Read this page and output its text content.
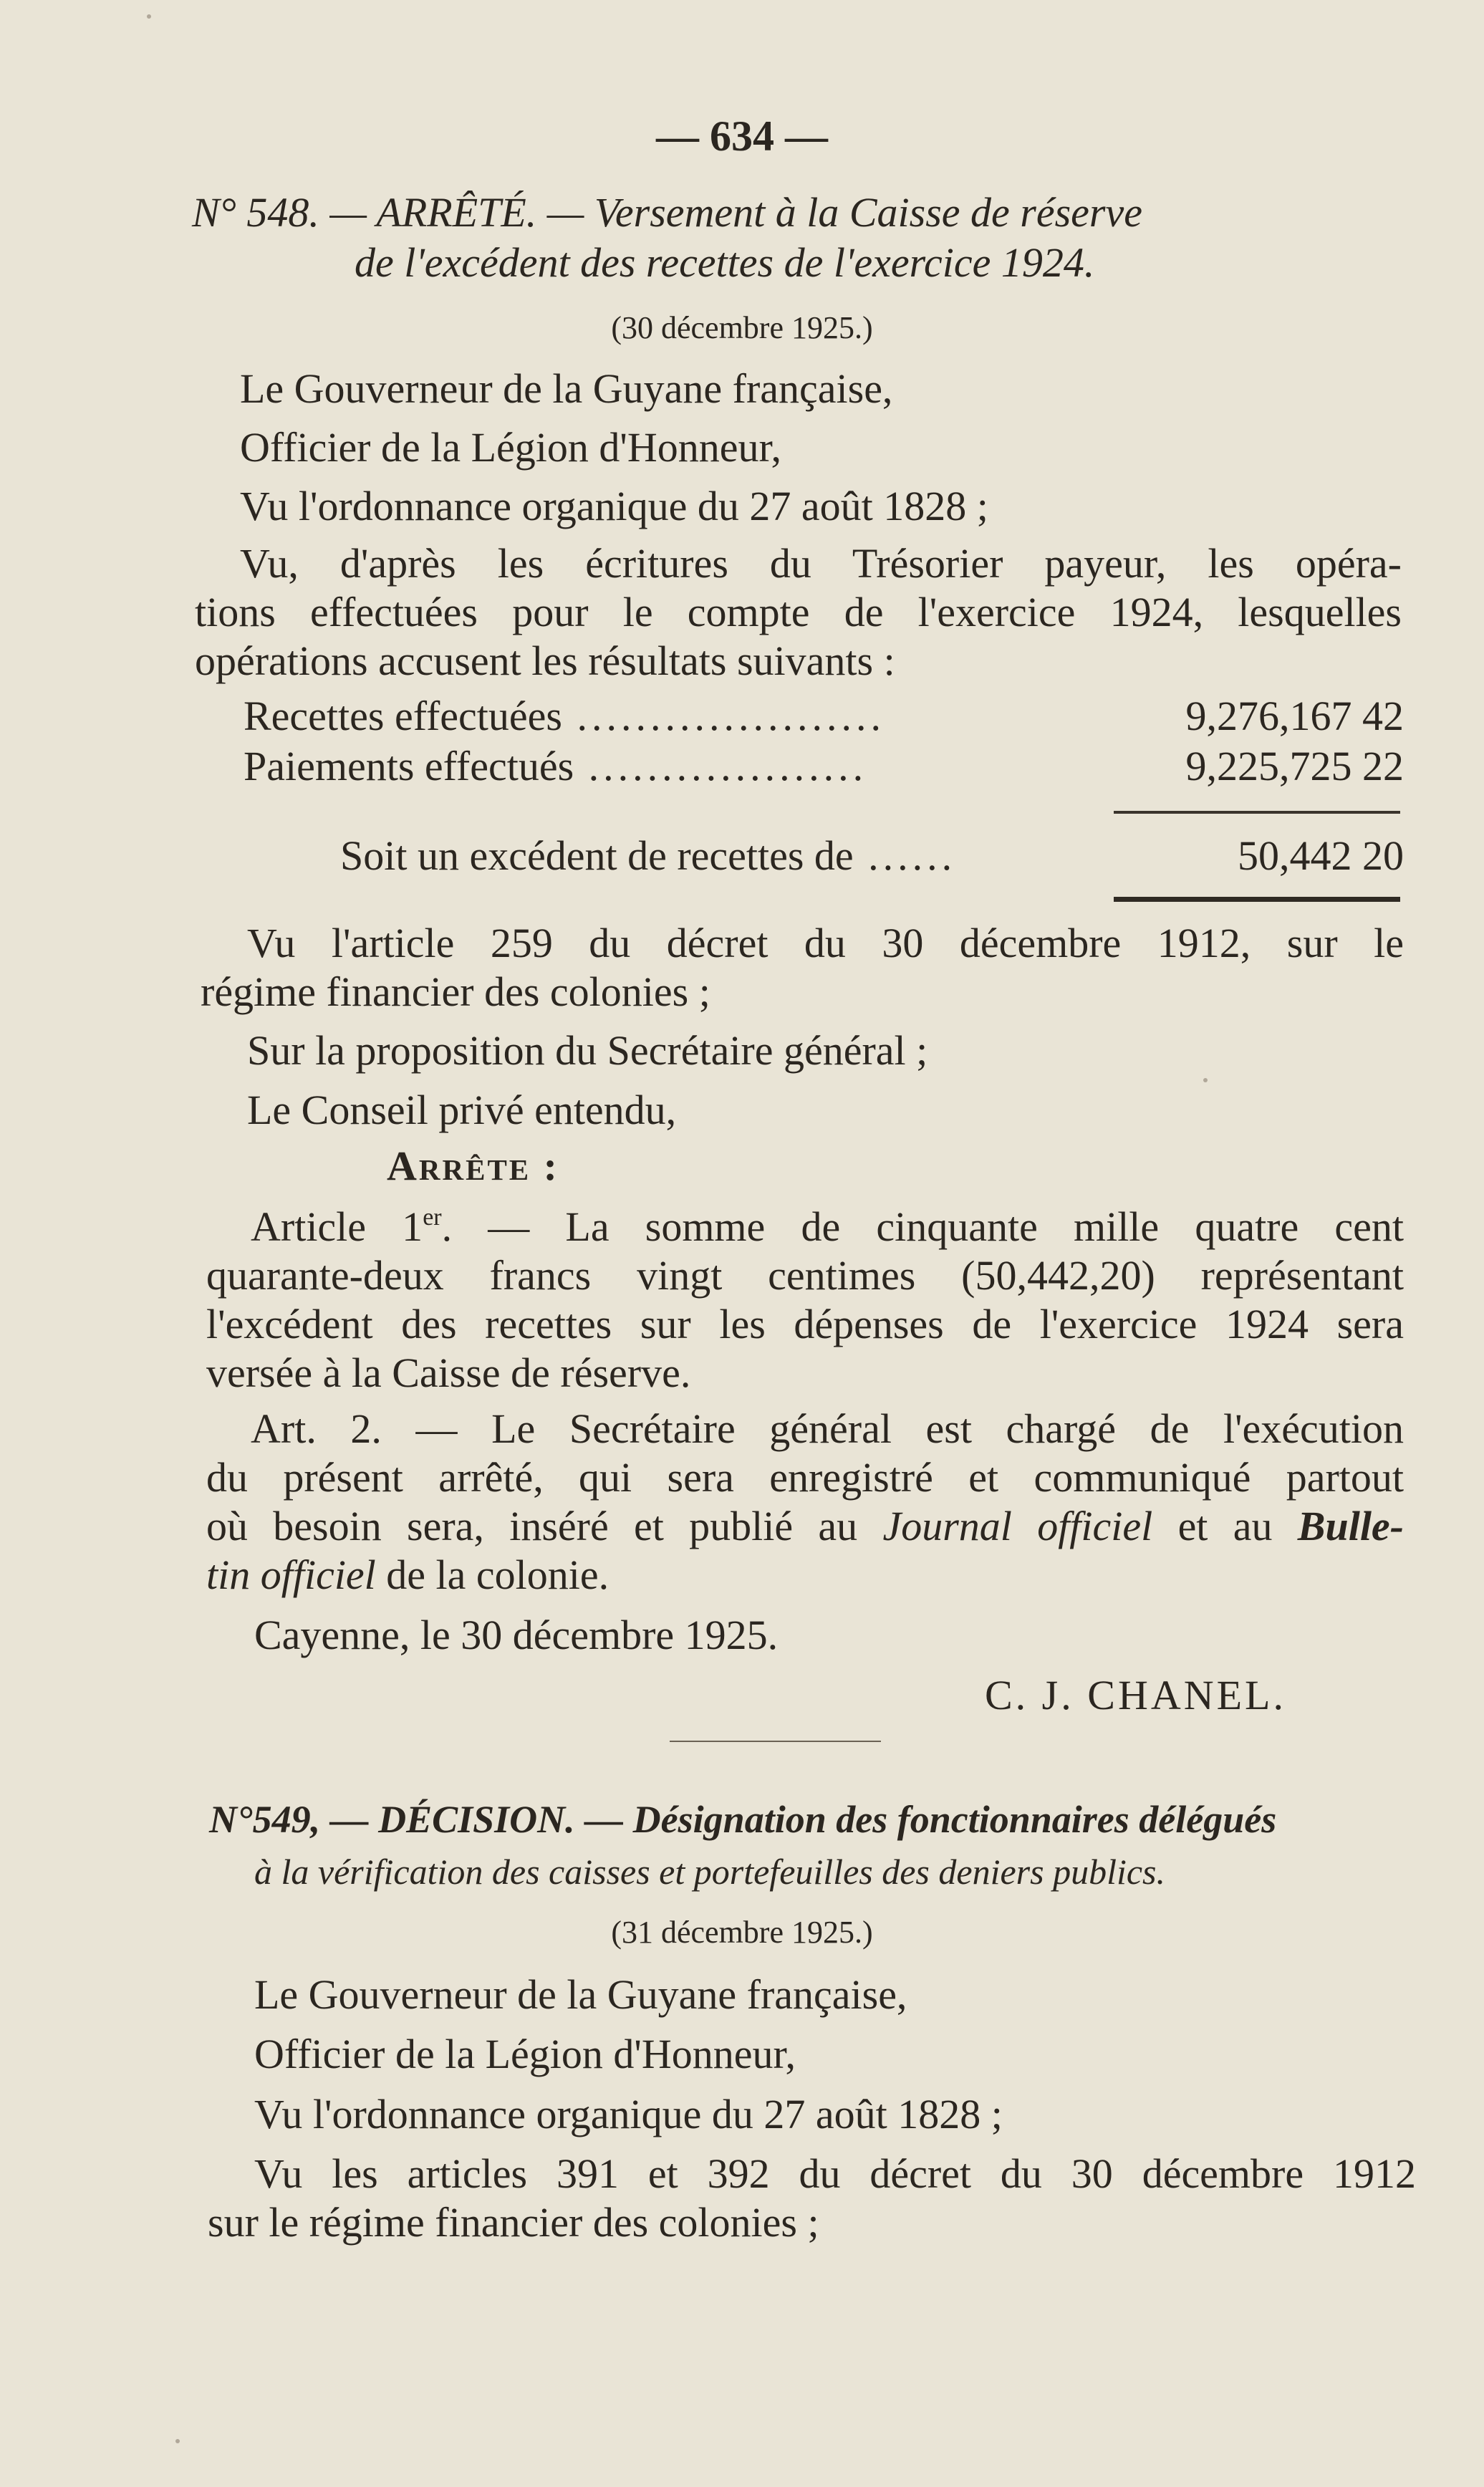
— 634 —
N° 548. — ARRÊTÉ. — Versement à la Caisse de réserve
de l'excédent des recettes de l'exercice 1924.
(30 décembre 1925.)
Le Gouverneur de la Guyane française,
Officier de la Légion d'Honneur,
Vu l'ordonnance organique du 27 août 1828 ;
Vu, d'après les écritures du Trésorier payeur, les opéra-
tions effectuées pour le compte de l'exercice 1924, lesquelles
opérations accusent les résultats suivants :
Recettes effectuées .....................	9,276,167 42
Paiements effectués ...................	9,225,725 22
Soit un excédent de recettes de ......	50,442 20
Vu l'article 259 du décret du 30 décembre 1912, sur le
régime financier des colonies ;
Sur la proposition du Secrétaire général ;
Le Conseil privé entendu,
Arrête :
Article 1er. — La somme de cinquante mille quatre cent
quarante-deux francs vingt centimes (50,442,20) représentant
l'excédent des recettes sur les dépenses de l'exercice 1924 sera
versée à la Caisse de réserve.
Art. 2. — Le Secrétaire général est chargé de l'exécution
du présent arrêté, qui sera enregistré et communiqué partout
où besoin sera, inséré et publié au Journal officiel et au Bulle-
tin officiel de la colonie.
Cayenne, le 30 décembre 1925.
C. J. CHANEL.
N°549, — DÉCISION. — Désignation des fonctionnaires délégués
à la vérification des caisses et portefeuilles des deniers publics.
(31 décembre 1925.)
Le Gouverneur de la Guyane française,
Officier de la Légion d'Honneur,
Vu l'ordonnance organique du 27 août 1828 ;
Vu les articles 391 et 392 du décret du 30 décembre 1912
sur le régime financier des colonies ;
